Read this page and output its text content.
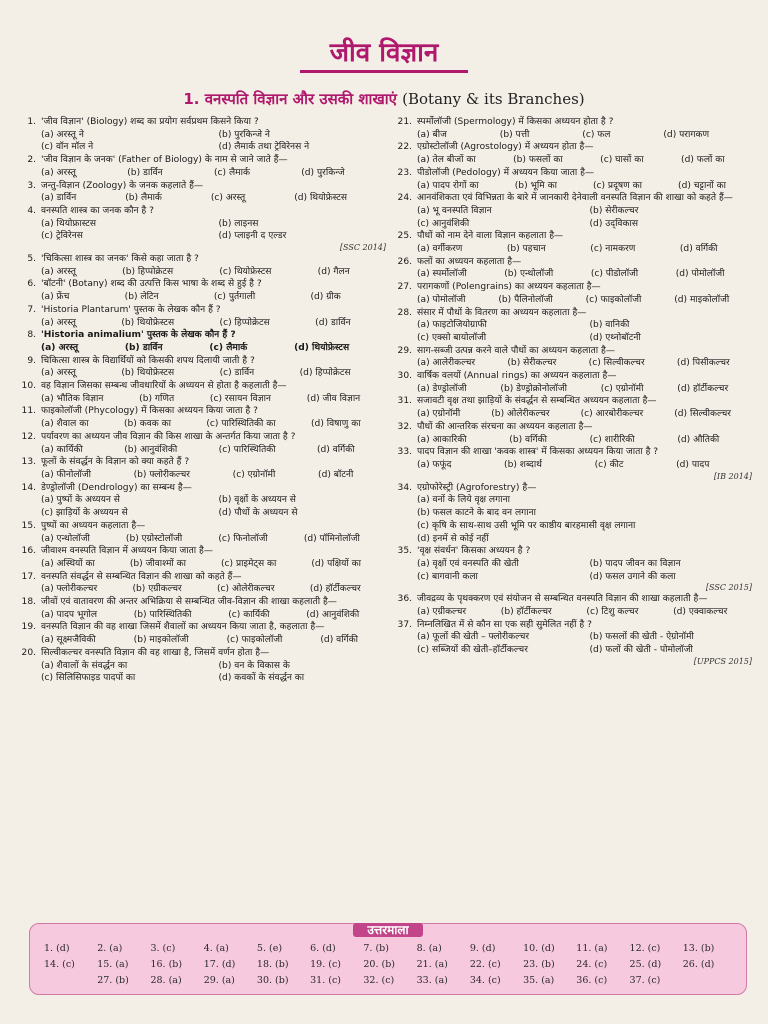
जीव विज्ञान
1. वनस्पति विज्ञान और उसकी शाखाएं (Botany & its Branches)
1. 'जीव विज्ञान' (Biology) शब्द का प्रयोग सर्वप्रथम किसने किया ?
(a) अरस्तू ने	(b) पुरकिन्जे ने
(c) वॉन मॉल ने	(d) लैमार्क तथा ट्रेविरेनस ने
2. 'जीव विज्ञान के जनक' (Father of Biology) के नाम से जाने जाते हैं—
(a) अरस्तू	(b) डार्विन	(c) लैमार्क	(d) पुरकिन्जे
3. जन्तु-विज्ञान (Zoology) के जनक कहलाते हैं—
(a) डार्विन	(b) लैमार्क	(c) अरस्तू	(d) थियोफ्रेस्टस
4. वनस्पति शास्त्र का जनक कौन है ?
(a) थियोफ्रास्टस	(b) लाइनस
(c) ट्रेविरेनस	(d) प्लाइनी द एल्डर
[SSC 2014]
5. 'चिकित्सा शास्त्र का जनक' किसे कहा जाता है ?
(a) अरस्तू	(b) हिप्पोक्रेटस	(c) थियोफ्रेस्टस	(d) गैलन
6. 'बॉटनी' (Botany) शब्द की उत्पत्ति किस भाषा के शब्द से हुई है ?
(a) फ्रेंच	(b) लेटिन	(c) पुर्तगाली	(d) ग्रीक
7. 'Historia Plantarum' पुस्तक के लेखक कौन हैं ?
(a) अरस्तू	(b) थियोफ्रेस्टस	(c) हिप्पोक्रेटस	(d) डार्विन
8. 'Historia animalium' पुस्तक के लेखक कौन हैं ?
(a) अरस्तू	(b) डार्विन	(c) लैमार्क	(d) थियोफ्रेस्टस
9. चिकित्सा शास्त्र के विद्यार्थियों को किसकी शपथ दिलायी जाती है ?
(a) अरस्तू	(b) थियोफ्रेस्टस	(c) डार्विन	(d) हिप्पोक्रेटस
10. वह विज्ञान जिसका सम्बन्ध जीवधारियों के अध्ययन से होता है कहलाती है—
(a) भौतिक विज्ञान	(b) गणित	(c) रसायन विज्ञान	(d) जीव विज्ञान
11. फाइकोलॉजी (Phycology) में किसका अध्ययन किया जाता है ?
(a) शैवाल का	(b) कवक का	(c) पारिस्थितिकी का	(d) विषाणु का
12. पर्यावरण का अध्ययन जीव विज्ञान की किस शाखा के अन्तर्गत किया जाता है ?
(a) कार्यिकी	(b) आनुवंशिकी	(c) पारिस्थितिकी	(d) वर्गिकी
13. फूलों के संवर्द्धन के विज्ञान को क्या कहते हैं ?
(a) फीनोलॉजी	(b) फ्लोरीकल्चर	(c) एग्रोनॉमी	(d) बॉटनी
14. डेण्ड्रोलॉजी (Dendrology) का सम्बन्ध है—
(a) पुष्पों के अध्ययन से	(b) वृक्षों के अध्ययन से
(c) झाड़ियों के अध्ययन से	(d) पौधों के अध्ययन से
15. पुष्पों का अध्ययन कहलाता है—
(a) एन्थोलॉजी	(b) एग्रोस्टोलॉजी	(c) फिनोलॉजी	(d) पॉमिनोलॉजी
16. जीवाश्म वनस्पति विज्ञान में अध्ययन किया जाता है—
(a) अस्थियों का	(b) जीवाश्मों का	(c) प्राइमेट्स का	(d) पक्षियों का
17. वनस्पति संवर्द्धन से सम्बन्धित विज्ञान की शाखा को कहते हैं—
(a) फ्लोरीकल्चर	(b) एग्रीकल्चर	(c) ओलेरीकल्चर	(d) हॉर्टीकल्चर
18. जीवों एवं वातावरण की अन्तर अभिक्रिया से सम्बन्धित जीव-विज्ञान की शाखा कहलाती है—
(a) पादप भूगोल	(b) पारिस्थितिकी	(c) कार्यिकी	(d) आनुवंशिकी
19. वनस्पति विज्ञान की वह शाखा जिसमें शैवालों का अध्ययन किया जाता है, कहलाता है—
(a) सूक्ष्मजैविकी	(b) माइकोलॉजी	(c) फाइकोलॉजी	(d) वर्गिकी
20. सिल्वीकल्चर वनस्पति विज्ञान की वह शाखा है, जिसमें वर्णन होता है—
(a) शैवालों के संवर्द्धन का	(b) वन के विकास के
(c) सिलिसिफाइड पादपों का	(d) कवकों के संवर्द्धन का
21. स्पर्मोलॉजी (Spermology) में किसका अध्ययन होता है ?
(a) बीज	(b) पत्ती	(c) फल	(d) परागकण
22. एग्रोस्टोलॉजी (Agrostology) में अध्ययन होता है—
(a) तेल बीजों का	(b) फसलों का	(c) घासों का	(d) फलों का
23. पीडोलॉजी (Pedology) में अध्ययन किया जाता है—
(a) पादप रोगों का	(b) भूमि का	(c) प्रदूषण का	(d) चट्टानों का
24. आनवंशिकता एवं विभिन्नता के बारे में जानकारी देनेवाली वनस्पति विज्ञान की शाखा को कहते हैं—
(a) भू वनस्पति विज्ञान	(b) सेरीकल्चर
(c) आनुवंशिकी	(d) उद्‌विकास
25. पौधों को नाम देने वाला विज्ञान कहलाता है—
(a) वर्गीकरण	(b) पहचान	(c) नामकरण	(d) वर्गिकी
26. फलों का अध्ययन कहलाता है—
(a) स्पर्मोलॉजी	(b) एन्थोलॉजी	(c) पीडोलॉजी	(d) पोमोलॉजी
27. परागकणों (Polengrains) का अध्ययन कहलाता है—
(a) पोमोलॉजी	(b) पैलिनोलॉजी	(c) फाइकोलॉजी	(d) माइकोलॉजी
28. संसार में पौधों के वितरण का अध्ययन कहलाता है—
(a) फाइटोजियोग्राफी	(b) वानिकी
(c) एक्सो बायोलॉजी	(d) एथ्नोबॉटनी
29. साग-सब्जी उत्पन्न करने वाले पौधों का अध्ययन कहलाता है—
(a) आलेरीकल्चर	(b) सेरीकल्चर	(c) सिल्वीकल्चर	(d) पिसीकल्चर
30. वार्षिक वलयों (Annual rings) का अध्ययन कहलाता है—
(a) डेण्ड्रोलॉजी	(b) डेण्ड्रोक्रोनोलॉजी	(c) एग्रोनॉमी	(d) हॉर्टीकल्चर
31. सजावटी वृक्ष तथा झाड़ियों के संवर्द्धन से सम्बन्धित अध्ययन कहलाता है—
(a) एग्रोनॉमी	(b) ओलेरीकल्चर	(c) आरबोरीकल्चर	(d) सिल्वीकल्चर
32. पौधों की आन्तरिक संरचना का अध्ययन कहलाता है—
(a) आकारिकी	(b) वर्गिकी	(c) शारीरिकी	(d) औतिकी
33. पादप विज्ञान की शाखा 'कवक शास्त्र' में किसका अध्ययन किया जाता है ?
(a) फफूंद	(b) शब्दार्थ	(c) कीट	(d) पादप
[IB 2014]
34. एग्रोफोरेस्ट्री (Agroforestry) है—
(a) वनों के लिये वृक्ष लगाना
(b) फसल काटने के बाद वन लगाना
(c) कृषि के साथ-साथ उसी भूमि पर काष्ठीय बारहमासी वृक्ष लगाना
(d) इनमें से कोई नहीं
35. 'वृक्ष संवर्धन' किसका अध्ययन है ?
(a) वृक्षों एवं वनस्पति की खेती	(b) पादप जीवन का विज्ञान
(c) बागवानी कला	(d) फसल उगाने की कला
[SSC 2015]
36. जीवद्रव्य के पृथक्करण एवं संयोजन से सम्बन्धित वनस्पति विज्ञान की शाखा कहलाती है—
(a) एग्रीकल्चर	(b) हॉर्टीकल्चर	(c) टिशु कल्चर	(d) एक्वाकल्चर
37. निम्नलिखित में से कौन सा एक सही सुमेलित नहीं है ?
(a) फूलों की खेती – फ्लोरीकल्चर	(b) फसलों की खेती - ऐग्रोनॉमी
(c) सब्जियों की खेती–हॉर्टीकल्चर	(d) फलों की खेती - पोमोलॉजी
[UPPCS 2015]
उत्तरमाला
1. (d)	2. (a)	3. (c)	4. (a)	5. (e)	6. (d)	7. (b)	8. (a)	9. (d)	10. (d)	11. (a)	12. (c)	13. (b)
14. (c)	15. (a)	16. (b)	17. (d)	18. (b)	19. (c)	20. (b)	21. (a)	22. (c)	23. (b)	24. (c)	25. (d)	26. (d)
27. (b)	28. (a)	29. (a)	30. (b)	31. (c)	32. (c)	33. (a)	34. (c)	35. (a)	36. (c)	37. (c)
